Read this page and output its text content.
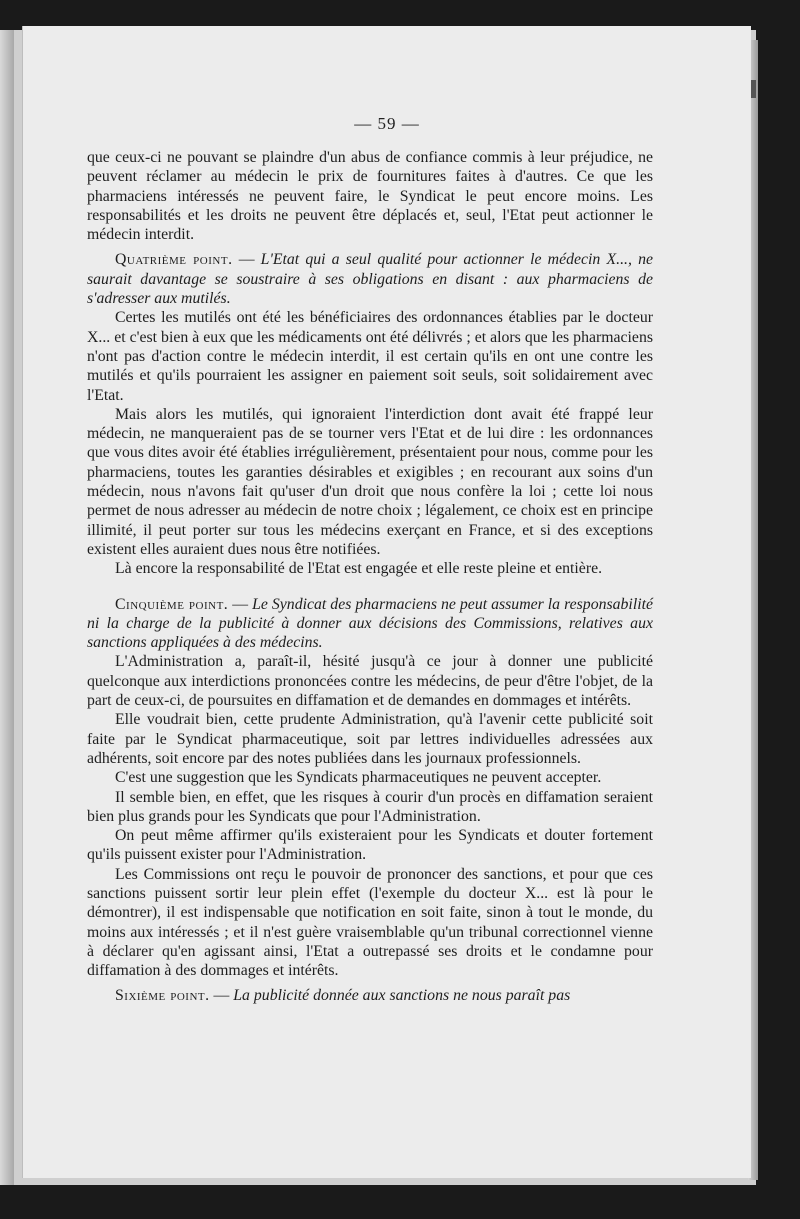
— 59 —

que ceux-ci ne pouvant se plaindre d'un abus de confiance commis à leur préjudice, ne peuvent réclamer au médecin le prix de fournitures faites à d'autres. Ce que les pharmaciens intéressés ne peuvent faire, le Syndicat le peut encore moins. Les responsabilités et les droits ne peuvent être déplacés et, seul, l'Etat peut actionner le médecin interdit.

Quatrième point. — L'Etat qui a seul qualité pour actionner le médecin X..., ne saurait davantage se soustraire à ses obligations en disant : aux pharmaciens de s'adresser aux mutilés.

Certes les mutilés ont été les bénéficiaires des ordonnances établies par le docteur X... et c'est bien à eux que les médicaments ont été délivrés ; et alors que les pharmaciens n'ont pas d'action contre le médecin interdit, il est certain qu'ils en ont une contre les mutilés et qu'ils pourraient les assigner en paiement soit seuls, soit solidairement avec l'Etat.

Mais alors les mutilés, qui ignoraient l'interdiction dont avait été frappé leur médecin, ne manqueraient pas de se tourner vers l'Etat et de lui dire : les ordonnances que vous dites avoir été établies irrégulièrement, présentaient pour nous, comme pour les pharmaciens, toutes les garanties désirables et exigibles ; en recourant aux soins d'un médecin, nous n'avons fait qu'user d'un droit que nous confère la loi ; cette loi nous permet de nous adresser au médecin de notre choix ; légalement, ce choix est en principe illimité, il peut porter sur tous les médecins exerçant en France, et si des exceptions existent elles auraient dues nous être notifiées.

Là encore la responsabilité de l'Etat est engagée et elle reste pleine et entière.

Cinquième point. — Le Syndicat des pharmaciens ne peut assumer la responsabilité ni la charge de la publicité à donner aux décisions des Commissions, relatives aux sanctions appliquées à des médecins.

L'Administration a, paraît-il, hésité jusqu'à ce jour à donner une publicité quelconque aux interdictions prononcées contre les médecins, de peur d'être l'objet, de la part de ceux-ci, de poursuites en diffamation et de demandes en dommages et intérêts.

Elle voudrait bien, cette prudente Administration, qu'à l'avenir cette publicité soit faite par le Syndicat pharmaceutique, soit par lettres individuelles adressées aux adhérents, soit encore par des notes publiées dans les journaux professionnels.

C'est une suggestion que les Syndicats pharmaceutiques ne peuvent accepter.

Il semble bien, en effet, que les risques à courir d'un procès en diffamation seraient bien plus grands pour les Syndicats que pour l'Administration.

On peut même affirmer qu'ils existeraient pour les Syndicats et douter fortement qu'ils puissent exister pour l'Administration.

Les Commissions ont reçu le pouvoir de prononcer des sanctions, et pour que ces sanctions puissent sortir leur plein effet (l'exemple du docteur X... est là pour le démontrer), il est indispensable que notification en soit faite, sinon à tout le monde, du moins aux intéressés ; et il n'est guère vraisemblable qu'un tribunal correctionnel vienne à déclarer qu'en agissant ainsi, l'Etat a outrepassé ses droits et le condamne pour diffamation à des dommages et intérêts.

Sixième point. — La publicité donnée aux sanctions ne nous paraît pas
